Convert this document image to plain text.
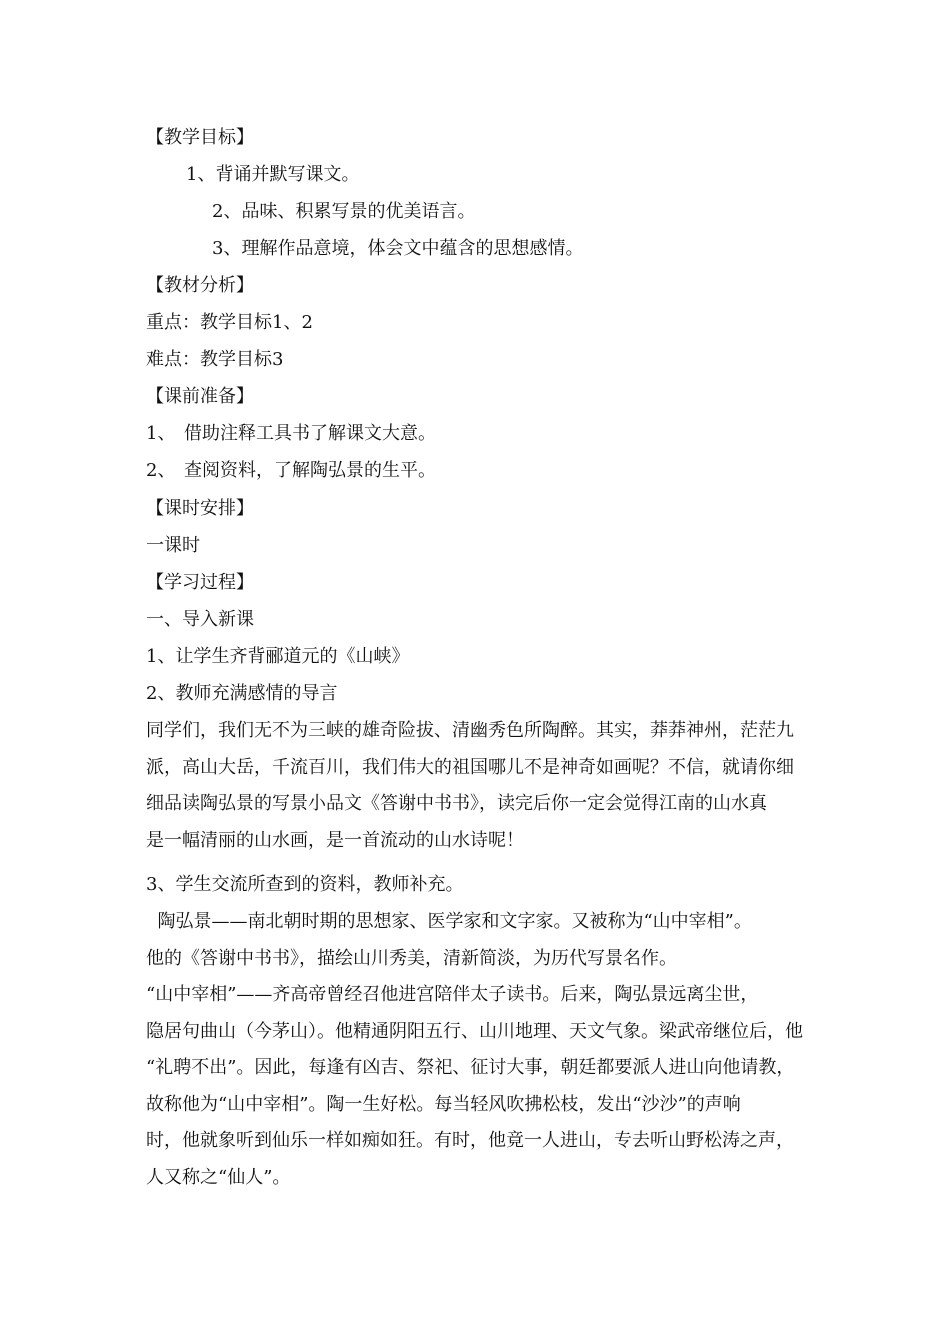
【教学目标】
1、背诵并默写课文。
2、品味、积累写景的优美语言。
3、理解作品意境，体会文中蕴含的思想感情。
【教材分析】
重点：教学目标1、2
难点：教学目标3
【课前准备】
1、 借助注释工具书了解课文大意。
2、 查阅资料，了解陶弘景的生平。
【课时安排】
一课时
【学习过程】
一、导入新课
1、让学生齐背郦道元的《山峡》
2、教师充满感情的导言
同学们，我们无不为三峡的雄奇险拔、清幽秀色所陶醉。其实，莽莽神州，茫茫九
派，高山大岳，千流百川，我们伟大的祖国哪儿不是神奇如画呢？不信，就请你细
细品读陶弘景的写景小品文《答谢中书书》，读完后你一定会觉得江南的山水真
是一幅清丽的山水画，是一首流动的山水诗呢！
3、学生交流所查到的资料，教师补充。
陶弘景——南北朝时期的思想家、医学家和文字家。又被称为“山中宰相”。
他的《答谢中书书》，描绘山川秀美，清新简淡，为历代写景名作。
“山中宰相”——齐高帝曾经召他进宫陪伴太子读书。后来，陶弘景远离尘世，
隐居句曲山（今茅山）。他精通阴阳五行、山川地理、天文气象。梁武帝继位后，他
“礼聘不出”。因此，每逢有凶吉、祭祀、征讨大事，朝廷都要派人进山向他请教，
故称他为“山中宰相”。陶一生好松。每当轻风吹拂松枝，发出“沙沙”的声响
时，他就象听到仙乐一样如痴如狂。有时，他竟一人进山，专去听山野松涛之声，
人又称之“仙人”。
